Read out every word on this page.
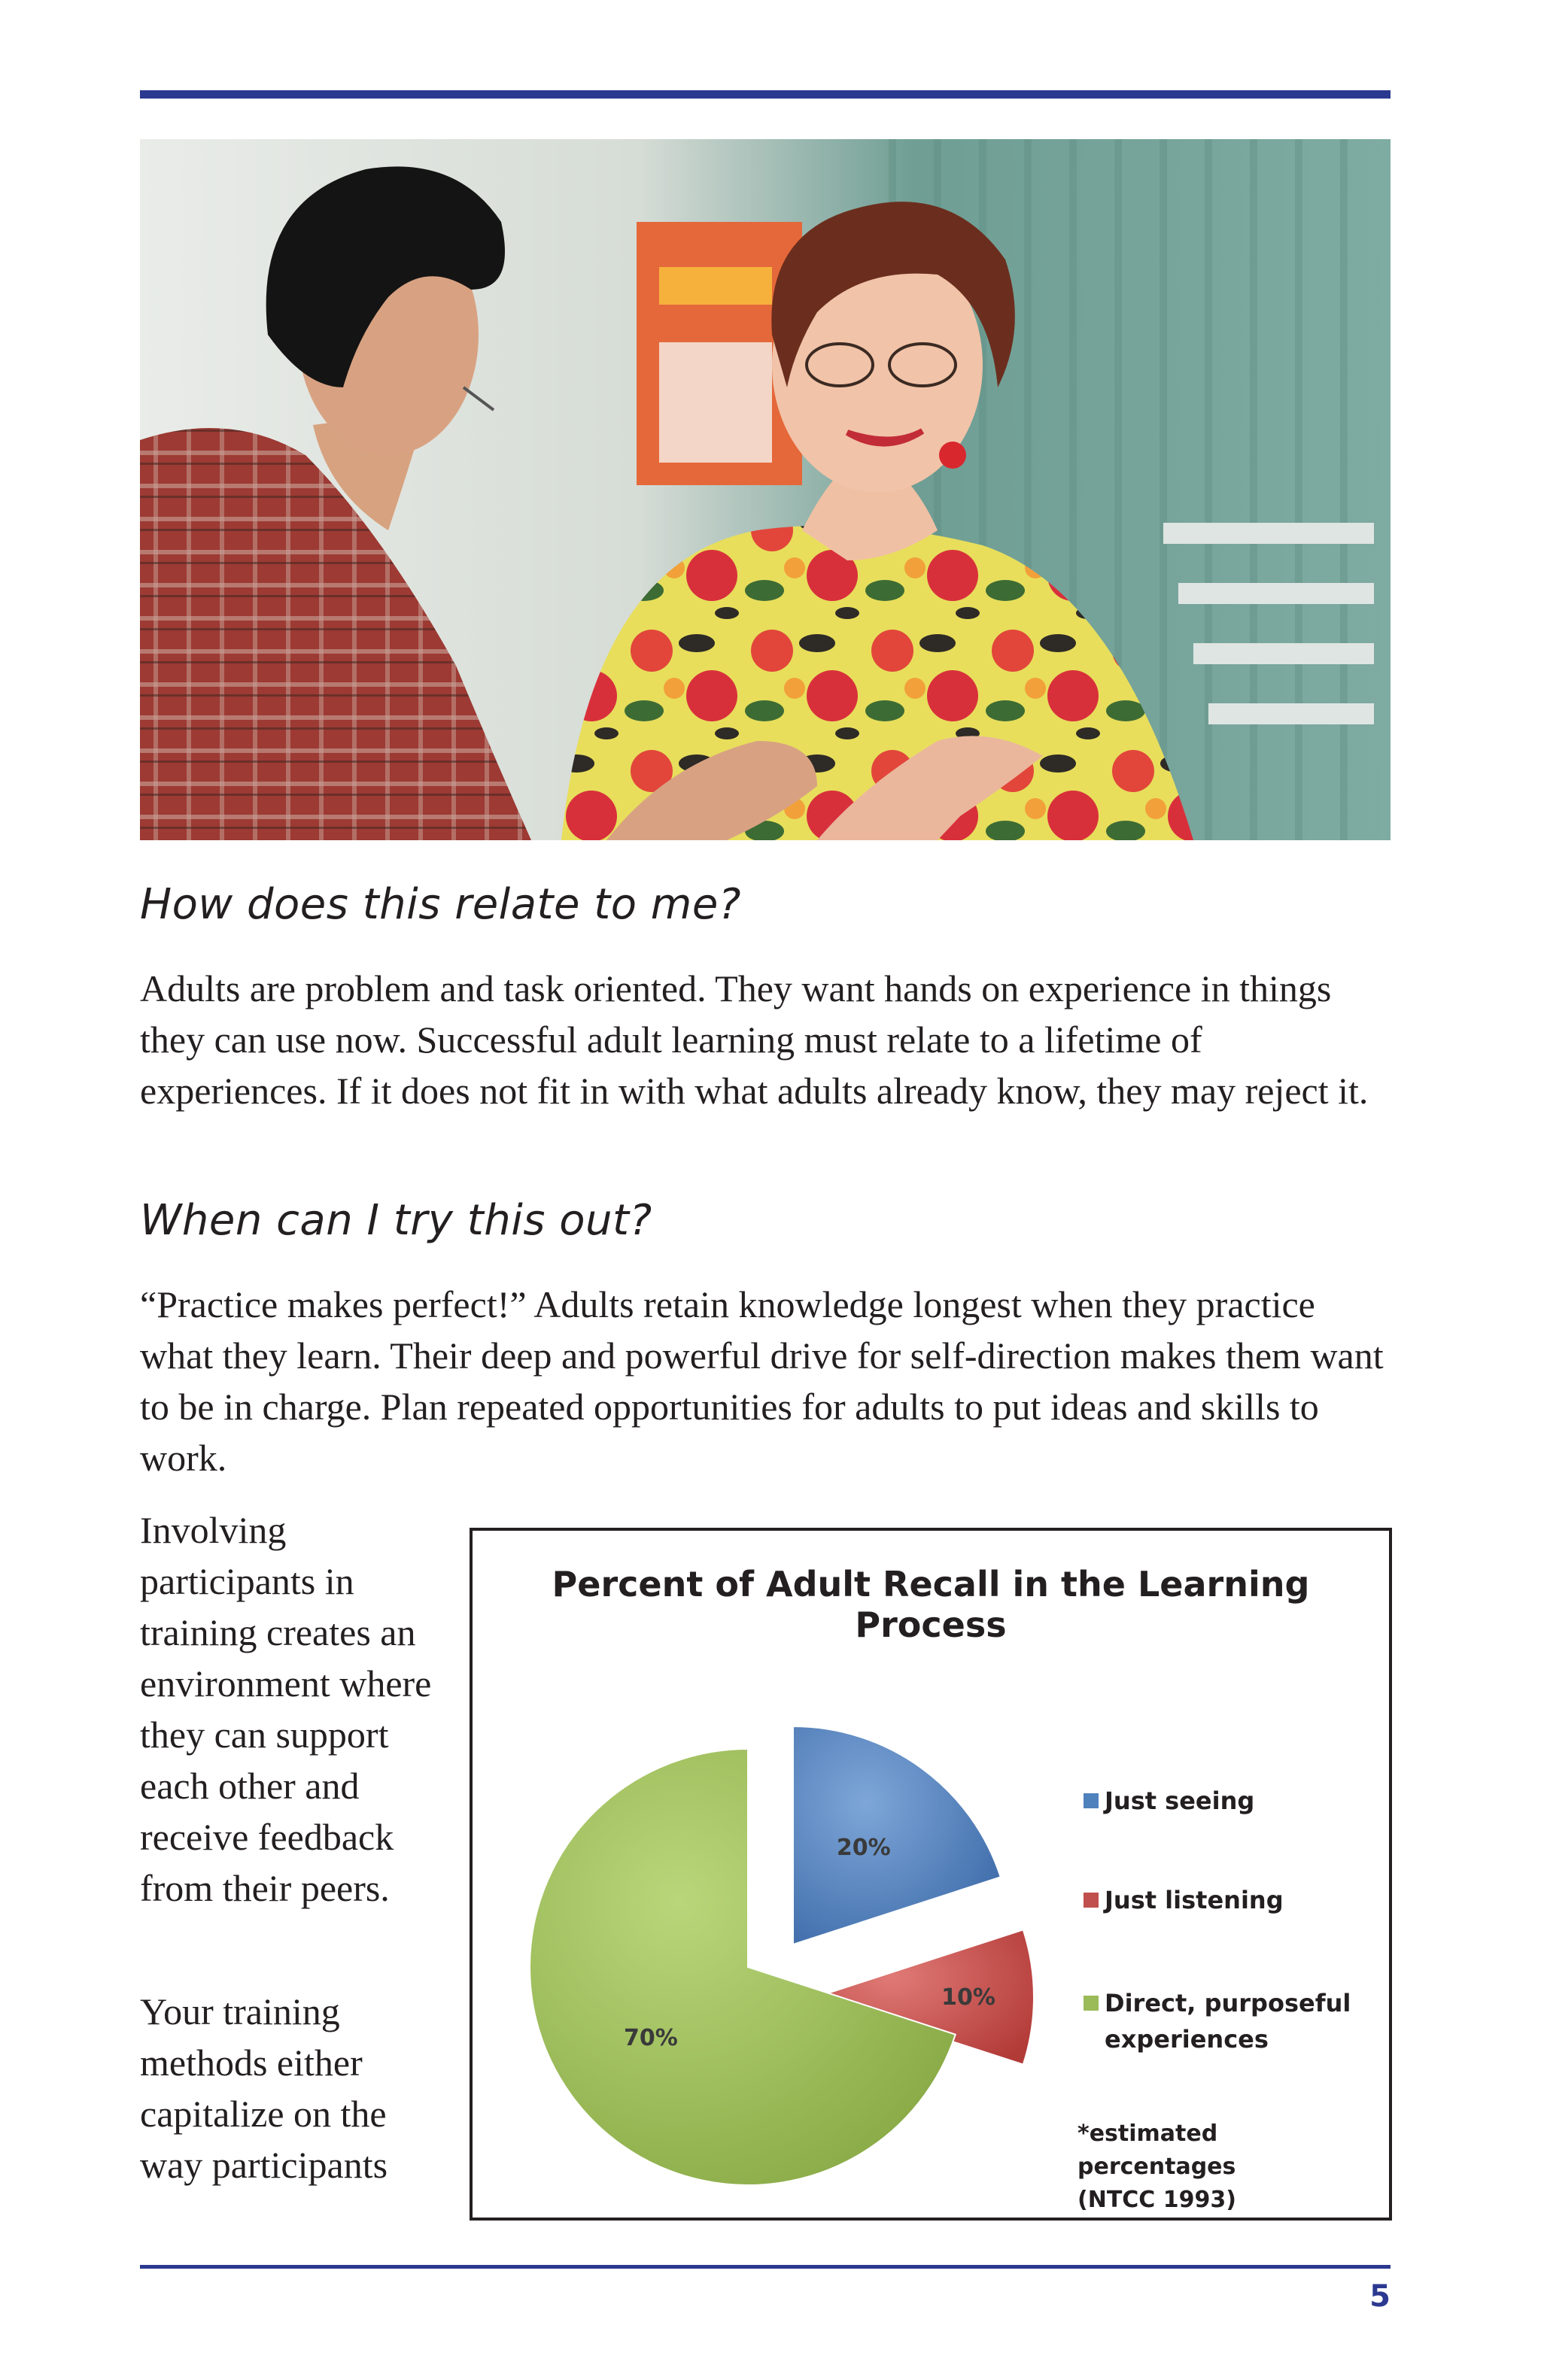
How does this relate to me?

Adults are problem and task oriented. They want hands on experience in things they can use now. Successful adult learning must relate to a lifetime of experiences. If it does not fit in with what adults already know, they may reject it.

When can I try this out?

“Practice makes perfect!” Adults retain knowledge longest when they practice what they learn. Their deep and powerful drive for self-direction makes them want to be in charge. Plan repeated opportunities for adults to put ideas and skills to work.

Involving participants in training creates an environment where they can support each other and receive feedback from their peers.

Your training methods either capitalize on the way participants

Percent of Adult Recall in the Learning Process

20%
10%
70%
Just seeing
Just listening
Direct, purposeful
experiences
*estimated percentages
(NTCC 1993)
5
